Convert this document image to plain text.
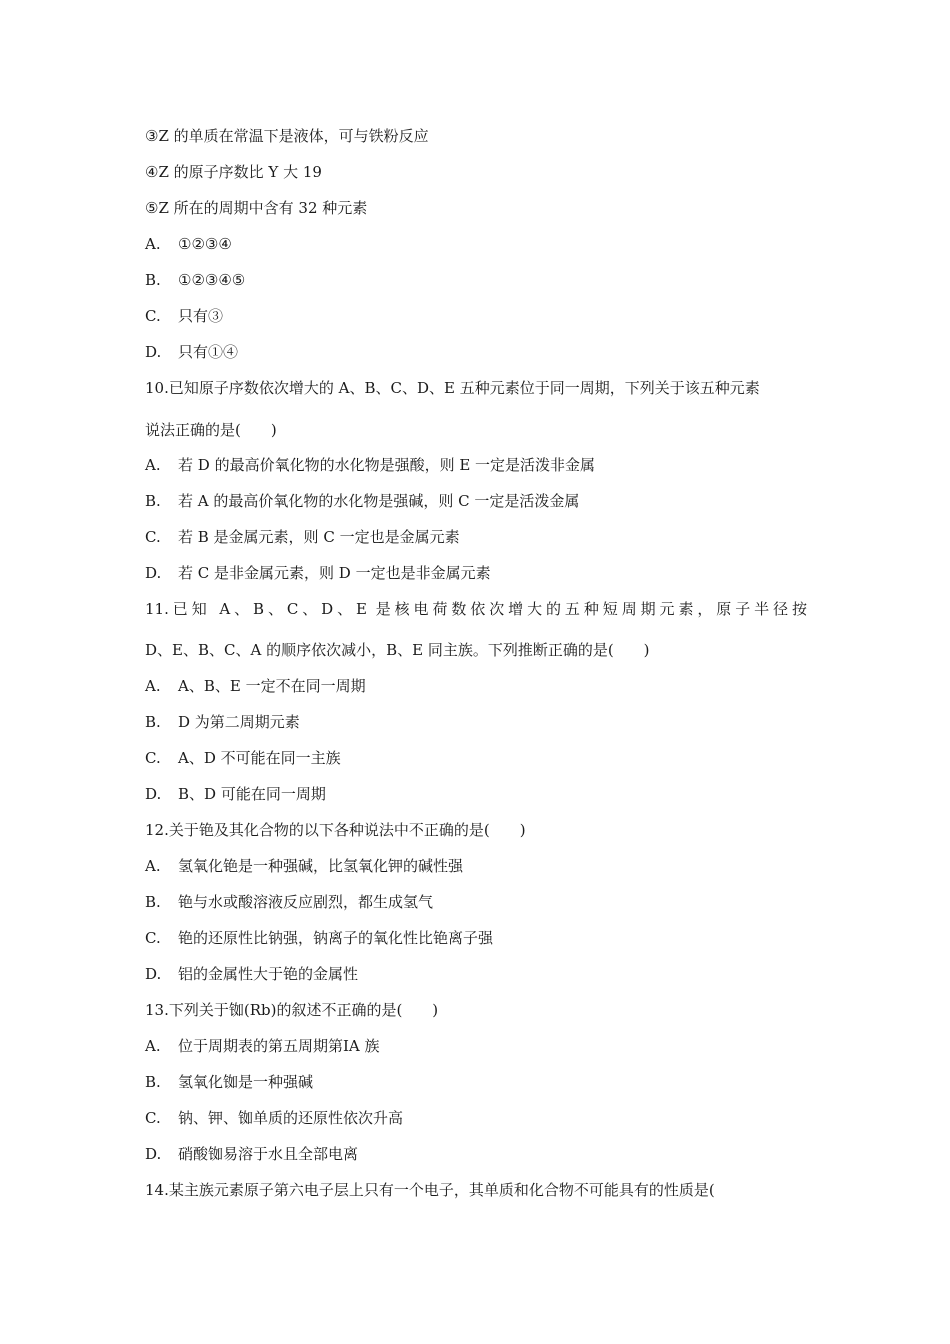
③Z 的单质在常温下是液体，可与铁粉反应
④Z 的原子序数比 Y 大 19
⑤Z 所在的周期中含有 32 种元素
A. ①②③④
B. ①②③④⑤
C. 只有③
D. 只有①④
10.已知原子序数依次增大的 A、B、C、D、E 五种元素位于同一周期，下列关于该五种元素
说法正确的是(　　)
A. 若 D 的最高价氧化物的水化物是强酸，则 E 一定是活泼非金属
B. 若 A 的最高价氧化物的水化物是强碱，则 C 一定是活泼金属
C. 若 B 是金属元素，则 C 一定也是金属元素
D. 若 C 是非金属元素，则 D 一定也是非金属元素
11.已知 A、B、C、D、E 是核电荷数依次增大的五种短周期元素，原子半径按
D、E、B、C、A 的顺序依次减小，B、E 同主族。下列推断正确的是(　　)
A. A、B、E 一定不在同一周期
B. D 为第二周期元素
C. A、D 不可能在同一主族
D. B、D 可能在同一周期
12.关于铯及其化合物的以下各种说法中不正确的是(　　)
A. 氢氧化铯是一种强碱，比氢氧化钾的碱性强
B. 铯与水或酸溶液反应剧烈，都生成氢气
C. 铯的还原性比钠强，钠离子的氧化性比铯离子强
D. 铝的金属性大于铯的金属性
13.下列关于铷(Rb)的叙述不正确的是(　　)
A. 位于周期表的第五周期第ⅠA 族
B. 氢氧化铷是一种强碱
C. 钠、钾、铷单质的还原性依次升高
D. 硝酸铷易溶于水且全部电离
14.某主族元素原子第六电子层上只有一个电子，其单质和化合物不可能具有的性质是(
